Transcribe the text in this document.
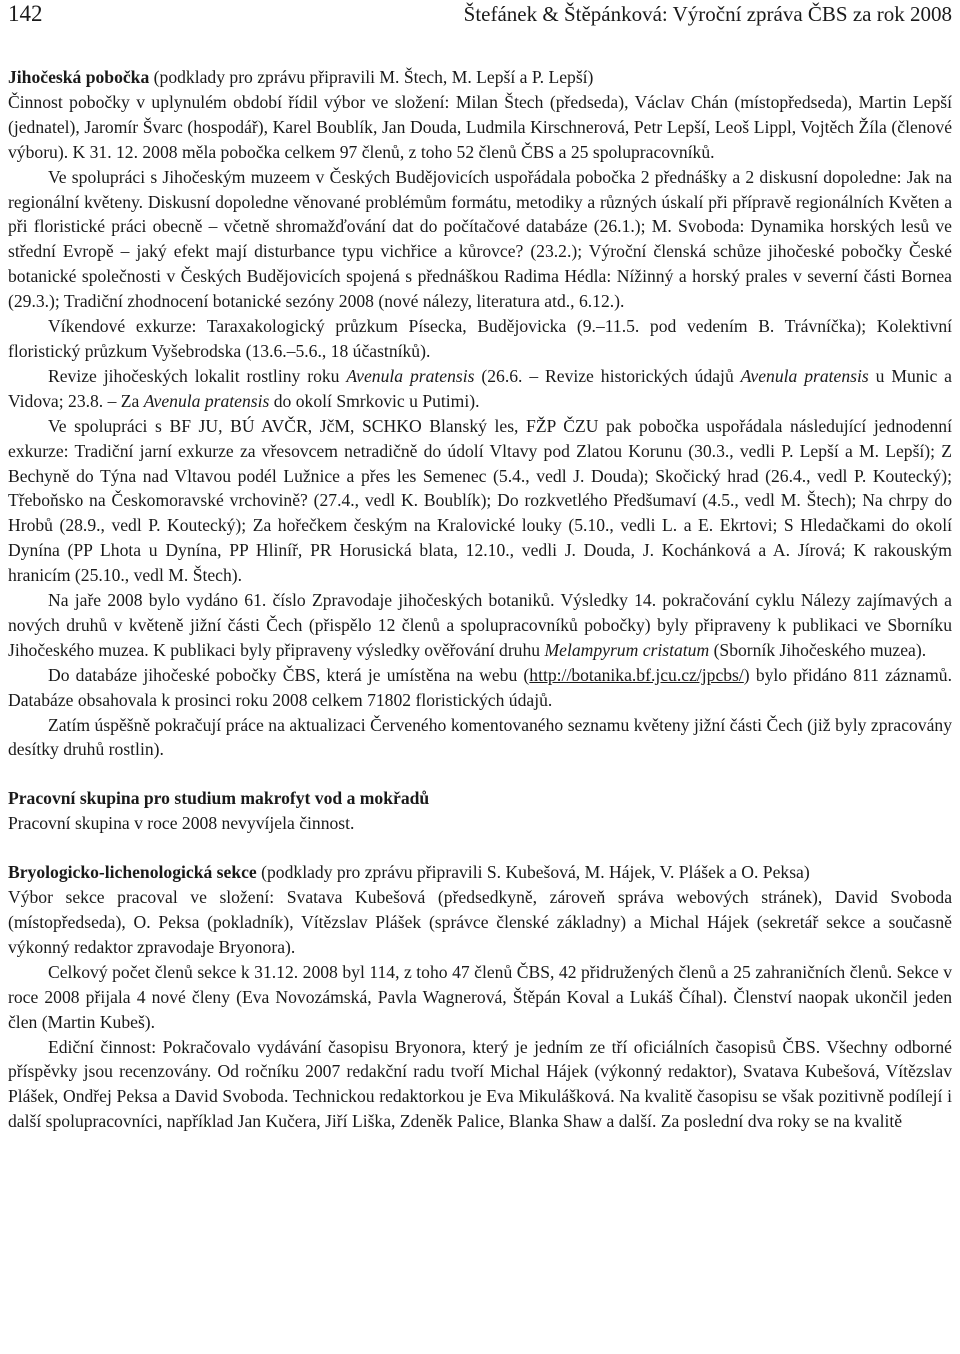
142	Štefánek & Štěpánková: Výroční zpráva ČBS za rok 2008

Jihočeská pobočka (podklady pro zprávu připravili M. Štech, M. Lepší a P. Lepší)

Činnost pobočky v uplynulém období řídil výbor ve složení: Milan Štech (předseda), Václav Chán (místopředseda), Martin Lepší (jednatel), Jaromír Švarc (hospodář), Karel Boublík, Jan Douda, Ludmila Kirschnerová, Petr Lepší, Leoš Lippl, Vojtěch Žíla (členové výboru). K 31. 12. 2008 měla pobočka celkem 97 členů, z toho 52 členů ČBS a 25 spolupracovníků.

Ve spolupráci s Jihočeským muzeem v Českých Budějovicích uspořádala pobočka 2 přednášky a 2 diskusní dopoledne: Jak na regionální květeny. Diskusní dopoledne věnované problémům formátu, metodiky a různých úskalí při přípravě regionálních Květen a při floristické práci obecně – včetně shromažďování dat do počítačové databáze (26.1.); M. Svoboda: Dynamika horských lesů ve střední Evropě – jaký efekt mají disturbance typu vichřice a kůrovce? (23.2.); Výroční členská schůze jihočeské pobočky České botanické společnosti v Českých Budějovicích spojená s přednáškou Radima Hédla: Nížinný a horský prales v severní části Bornea (29.3.); Tradiční zhodnocení botanické sezóny 2008 (nové nálezy, literatura atd., 6.12.).

Víkendové exkurze: Taraxakologický průzkum Písecka, Budějovicka (9.–11.5. pod vedením B. Trávníčka); Kolektivní floristický průzkum Vyšebrodska (13.6.–5.6., 18 účastníků).

Revize jihočeských lokalit rostliny roku Avenula pratensis (26.6. – Revize historických údajů Avenula pratensis u Munic a Vidova; 23.8. – Za Avenula pratensis do okolí Smrkovic u Putimi).

Ve spolupráci s BF JU, BÚ AVČR, JčM, SCHKO Blanský les, FŽP ČZU pak pobočka uspořádala následující jednodenní exkurze: Tradiční jarní exkurze za vřesovcem netradičně do údolí Vltavy pod Zlatou Korunu (30.3., vedli P. Lepší a M. Lepší); Z Bechyně do Týna nad Vltavou podél Lužnice a přes les Semenec (5.4., vedl J. Douda); Skočický hrad (26.4., vedl P. Koutecký); Třeboňsko na Českomoravské vrchovině? (27.4., vedl K. Boublík); Do rozkvetlého Předšumaví (4.5., vedl M. Štech); Na chrpy do Hrobů (28.9., vedl P. Koutecký); Za hořečkem českým na Kralovické louky (5.10., vedli L. a E. Ekrtovi; S Hledačkami do okolí Dynína (PP Lhota u Dynína, PP Hliníř, PR Horusická blata, 12.10., vedli J. Douda, J. Kochánková a A. Jírová; K rakouským hranicím (25.10., vedl M. Štech).

Na jaře 2008 bylo vydáno 61. číslo Zpravodaje jihočeských botaniků. Výsledky 14. pokračování cyklu Nálezy zajímavých a nových druhů v květeně jižní části Čech (přispělo 12 členů a spolupracovníků pobočky) byly připraveny k publikaci ve Sborníku Jihočeského muzea. K publikaci byly připraveny výsledky ověřování druhu Melampyrum cristatum (Sborník Jihočeského muzea).

Do databáze jihočeské pobočky ČBS, která je umístěna na webu (http://botanika.bf.jcu.cz/jpcbs/) bylo přidáno 811 záznamů. Databáze obsahovala k prosinci roku 2008 celkem 71802 floristických údajů.

Zatím úspěšně pokračují práce na aktualizaci Červeného komentovaného seznamu květeny jižní části Čech (již byly zpracovány desítky druhů rostlin).

Pracovní skupina pro studium makrofyt vod a mokřadů

Pracovní skupina v roce 2008 nevyvíjela činnost.

Bryologicko-lichenologická sekce (podklady pro zprávu připravili S. Kubešová, M. Hájek, V. Plášek a O. Peksa)

Výbor sekce pracoval ve složení: Svatava Kubešová (předsedkyně, zároveň správa webových stránek), David Svoboda (místopředseda), O. Peksa (pokladník), Vítězslav Plášek (správce členské základny) a Michal Hájek (sekretář sekce a současně výkonný redaktor zpravodaje Bryonora).

Celkový počet členů sekce k 31.12. 2008 byl 114, z toho 47 členů ČBS, 42 přidružených členů a 25 zahraničních členů. Sekce v roce 2008 přijala 4 nové členy (Eva Novozámská, Pavla Wagnerová, Štěpán Koval a Lukáš Číhal). Členství naopak ukončil jeden člen (Martin Kubeš).

Ediční činnost: Pokračovalo vydávání časopisu Bryonora, který je jedním ze tří oficiálních časopisů ČBS. Všechny odborné příspěvky jsou recenzovány. Od ročníku 2007 redakční radu tvoří Michal Hájek (výkonný redaktor), Svatava Kubešová, Vítězslav Plášek, Ondřej Peksa a David Svoboda. Technickou redaktorkou je Eva Mikulášková. Na kvalitě časopisu se však pozitivně podílejí i další spolupracovníci, například Jan Kučera, Jiří Liška, Zdeněk Palice, Blanka Shaw a další. Za poslední dva roky se na kvalitě
